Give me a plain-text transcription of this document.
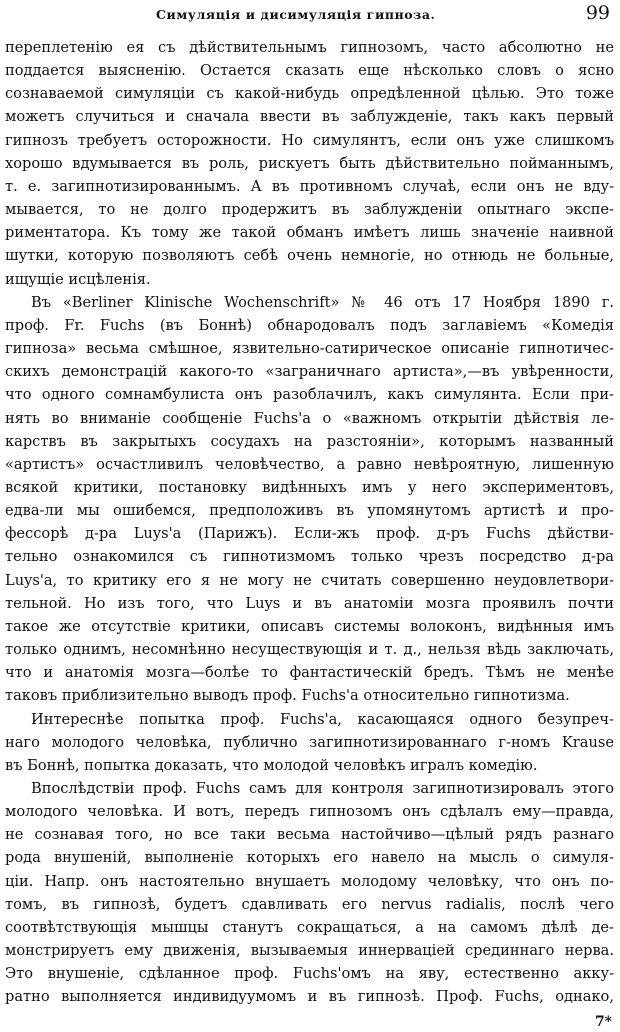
Симуляція и дисимуляція гипноза.	99
переплетенію ея съ дѣйствительнымъ гипнозомъ, часто абсолютно не
поддается выясненію. Остается сказать еще нѣсколько словъ о ясно
сознаваемой симуляціи съ какой-нибудь опредѣленной цѣлью. Это тоже
можетъ случиться и сначала ввести въ заблужденіе, такъ какъ первый
гипнозъ требуетъ осторожности. Но симулянтъ, если онъ уже слишкомъ
хорошо вдумывается въ роль, рискуетъ быть дѣйствительно пойманнымъ,
т. е. загипнотизированнымъ. А въ противномъ случаѣ, если онъ не вду-
мывается, то не долго продержитъ въ заблужденіи опытнаго экспе-
риментатора. Къ тому же такой обманъ имѣетъ лишь значеніе наивной
шутки, которую позволяютъ себѣ очень немногіе, но отнюдь не больные,
ищущіе исцѣленія.
Въ «Berliner Klinische Wochenschrift» № 46 отъ 17 Ноября 1890 г.
проф. Fr. Fuchs (въ Боннѣ) обнародовалъ подъ заглавіемъ «Комедія
гипноза» весьма смѣшное, язвительно-сатирическое описаніе гипнотичес-
скихъ демонстрацій какого-то «заграничнаго артиста»,—въ увѣренности,
что одного сомнамбулиста онъ разоблачилъ, какъ симулянта. Если при-
нять во вниманіе сообщеніе Fuchs'а о «важномъ открытіи дѣйствія ле-
карствъ въ закрытыхъ сосудахъ на разстояніи», которымъ названный
«артистъ» осчастливилъ человѣчество, а равно невѣроятную, лишенную
всякой критики, постановку видѣнныхъ имъ у него экспериментовъ,
едва-ли мы ошибемся, предположивъ въ упомянутомъ артистѣ и про-
фессорѣ д-ра Luys'а (Парижъ). Если-жъ проф. д-ръ Fuchs дѣйстви-
тельно ознакомился съ гипнотизмомъ только чрезъ посредство д-ра
Luys'а, то критику его я не могу не считать совершенно неудовлетвори-
тельной. Но изъ того, что Luys и въ анатоміи мозга проявилъ почти
такое же отсутствіе критики, описавъ системы волоконъ, видѣнныя имъ
только однимъ, несомнѣнно несуществующія и т. д., нельзя вѣдь заключать,
что и анатомія мозга—болѣе то фантастическій бредъ. Тѣмъ не менѣе
таковъ приблизительно выводъ проф. Fuchs'а относительно гипнотизма.
Интереснѣе попытка проф. Fuchs'а, касающаяся одного безупреч-
наго молодого человѣка, публично загипнотизированнаго г-номъ Krause
въ Боннѣ, попытка доказать, что молодой человѣкъ игралъ комедію.
Впослѣдствіи проф. Fuchs самъ для контроля загипнотизировалъ этого
молодого человѣка. И вотъ, передъ гипнозомъ онъ сдѣлалъ ему—правда,
не сознавая того, но все таки весьма настойчиво—цѣлый рядъ разнаго
рода внушеній, выполненіе которыхъ его навело на мысль о симуля-
ціи. Напр. онъ настоятельно внушаетъ молодому человѣку, что онъ по-
томъ, въ гипнозѣ, будетъ сдавливать его nervus radialis, послѣ чего
соотвѣтствующія мышцы станутъ сокращаться, а на самомъ дѣлѣ де-
монстрируетъ ему движенія, вызываемыя иннерваціей срединнаго нерва.
Это внушеніе, сдѣланное проф. Fuchs'омъ на яву, естественно акку-
ратно выполняется индивидуумомъ и въ гипнозѣ. Проф. Fuchs, однако,
7*
